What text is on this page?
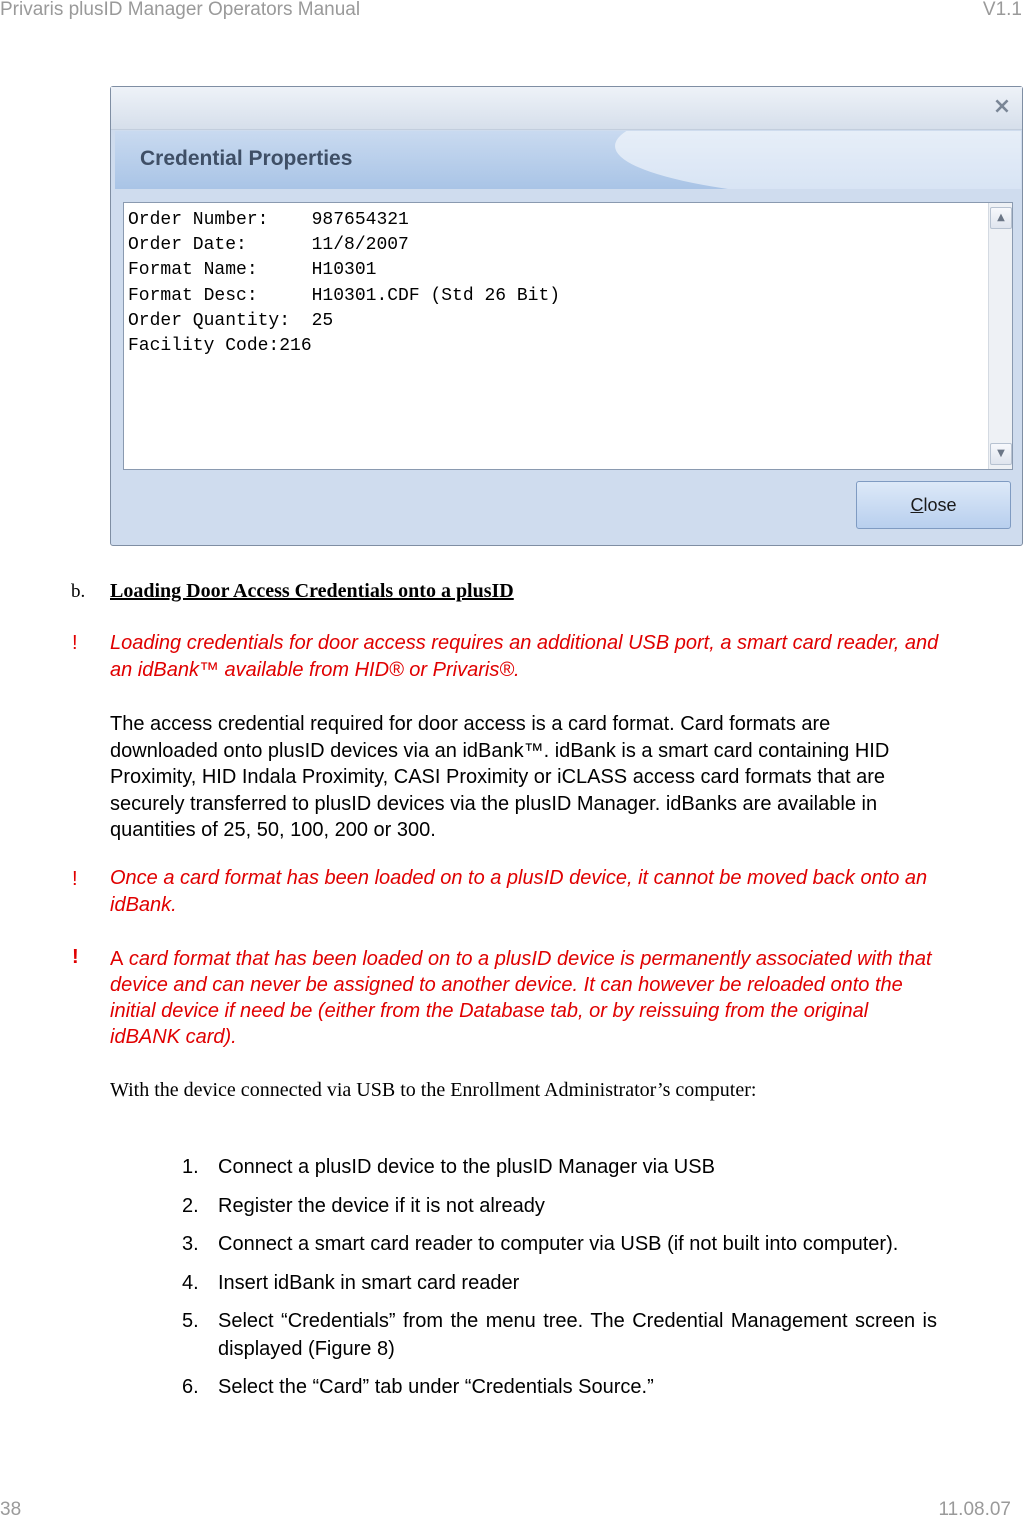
Privaris plusID Manager Operators Manual	V1.1
×
Credential Properties
Order Number:    987654321
Order Date:      11/8/2007
Format Name:     H10301
Format Desc:     H10301.CDF (Std 26 Bit)
Order Quantity:  25
Facility Code:216
▲
▼
Close
b. Loading Door Access Credentials onto a plusID
! Loading credentials for door access requires an additional USB port, a smart card reader, and an idBank™ available from HID® or Privaris®.
The access credential required for door access is a card format. Card formats are downloaded onto plusID devices via an idBank™. idBank is a smart card containing HID Proximity, HID Indala Proximity, CASI Proximity or iCLASS access card formats that are securely transferred to plusID devices via the plusID Manager. idBanks are available in quantities of 25, 50, 100, 200 or 300.
! Once a card format has been loaded on to a plusID device, it cannot be moved back onto an idBank.
! A card format that has been loaded on to a plusID device is permanently associated with that device and can never be assigned to another device. It can however be reloaded onto the initial device if need be (either from the Database tab, or by reissuing from the original idBANK card).
With the device connected via USB to the Enrollment Administrator’s computer:
1. Connect a plusID device to the plusID Manager via USB
2. Register the device if it is not already
3. Connect a smart card reader to computer via USB (if not built into computer).
4. Insert idBank in smart card reader
5. Select “Credentials” from the menu tree. The Credential Management screen is displayed (Figure 8)
6. Select the “Card” tab under “Credentials Source.”
38	11.08.07
